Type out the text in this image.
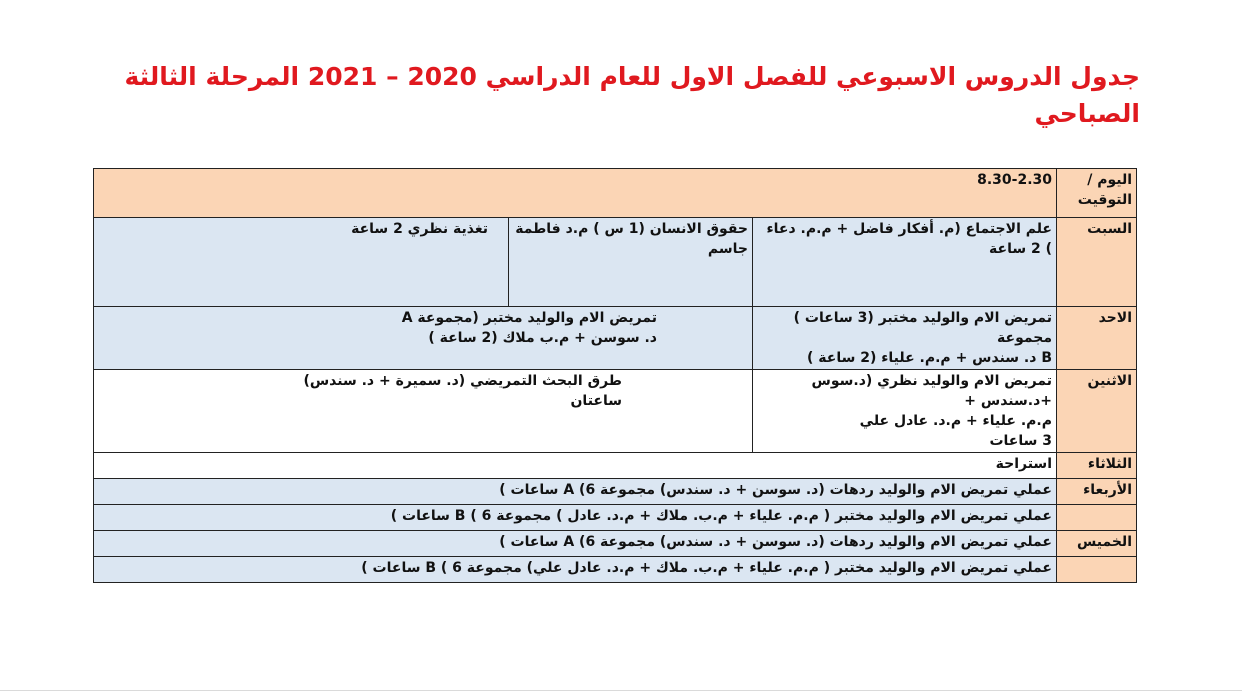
جدول الدروس الاسبوعي للفصل الاول للعام الدراسي 2020 – 2021 المرحلة الثالثة الصباحي
اليوم / التوقيت	8.30-2.30		
السبت	علم الاجتماع (م. أفكار فاضل + م.م. دعاء ) 2 ساعة	حقوق الانسان (1 س ) م.د فاطمة جاسم	تغذية نظري 2 ساعة
الاحد	تمريض الام والوليد مختبر (3 ساعات ) مجموعة
B د. سندس + م.م. علياء (2 ساعة )	تمريض الام والوليد مختبر (مجموعة A
د. سوسن + م.ب ملاك (2 ساعة )	

الاثنين	تمريض الام والوليد نظري (د.سوس +د.سندس +
م.م. علياء + م.د. عادل علي
3 ساعات	طرق البحث التمريضي (د. سميرة + د. سندس)
ساعتان	

الثلاثاء	استراحة		
الأربعاء	عملي تمريض الام والوليد ردهات (د. سوسن + د. سندس) مجموعة 6) A ساعات )		
	عملي تمريض الام والوليد مختبر ( م.م. علياء + م.ب. ملاك + م.د. عادل ) مجموعة 6 ) B ساعات )		
الخميس	عملي تمريض الام والوليد ردهات (د. سوسن + د. سندس) مجموعة 6) A ساعات )		
	عملي تمريض الام والوليد مختبر ( م.م. علياء + م.ب. ملاك + م.د. عادل علي) مجموعة 6 ) B ساعات )		
